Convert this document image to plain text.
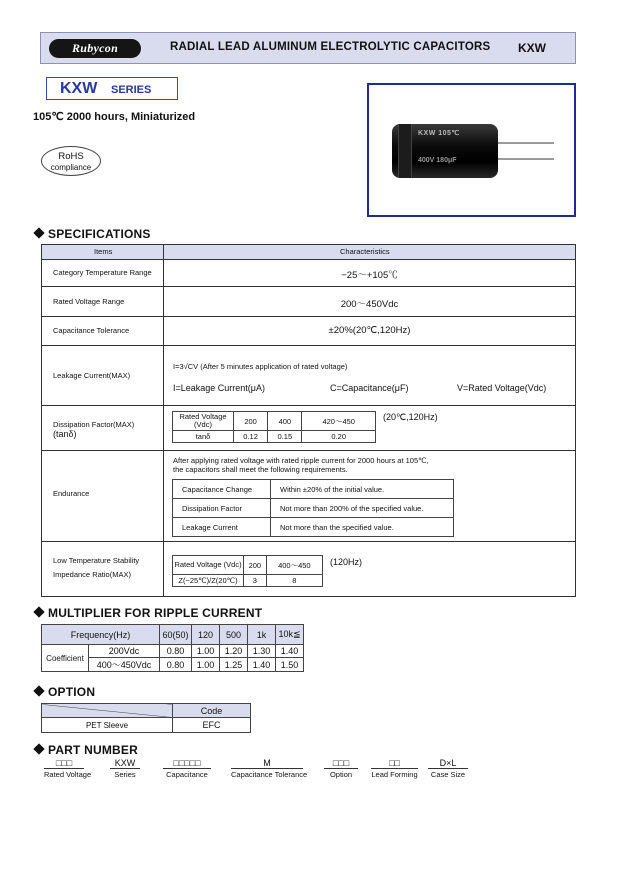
Rubycon	RADIAL LEAD ALUMINUM ELECTROLYTIC CAPACITORS KXW
KXW SERIES
105℃ 2000 hours, Miniaturized
RoHS
compliance
KXW 105℃
400V 180μF
SPECIFICATIONS
Items	Characteristics
Category Temperature Range	−25～+105℃
Rated Voltage Range	200～450Vdc
Capacitance Tolerance	±20%(20℃,120Hz)
Leakage Current(MAX)
I=3√CV (After 5 minutes application of rated voltage)
I=Leakage Current(μA)	C=Capacitance(μF)	V=Rated Voltage(Vdc)
Dissipation Factor(MAX)
(tanδ)
Rated Voltage (Vdc)	200	400	420～450
tanδ	0.12	0.15	0.20
(20℃,120Hz)
Endurance
After applying rated voltage with rated ripple current for 2000 hours at 105℃,
the capacitors shall meet the following requirements.
Capacitance Change	Within ±20% of the initial value.
Dissipation Factor	Not more than 200% of the specified value.
Leakage Current	Not more than the specified value.
Low Temperature Stability
Impedance Ratio(MAX)
Rated Voltage (Vdc)	200	400～450
Z(−25℃)/Z(20℃)	3	8
(120Hz)
MULTIPLIER FOR RIPPLE CURRENT
Frequency(Hz)		60(50)	120	500	1k	10k≦
Coefficient	200Vdc	0.80	1.00	1.20	1.30	1.40
	400～450Vdc	0.80	1.00	1.25	1.40	1.50
OPTION
	Code
PET Sleeve	EFC
PART NUMBER
□□□
Rated Voltage
KXW
Series
□□□□□
Capacitance
M
Capacitance Tolerance
□□□
Option
□□
Lead Forming
D×L
Case Size
